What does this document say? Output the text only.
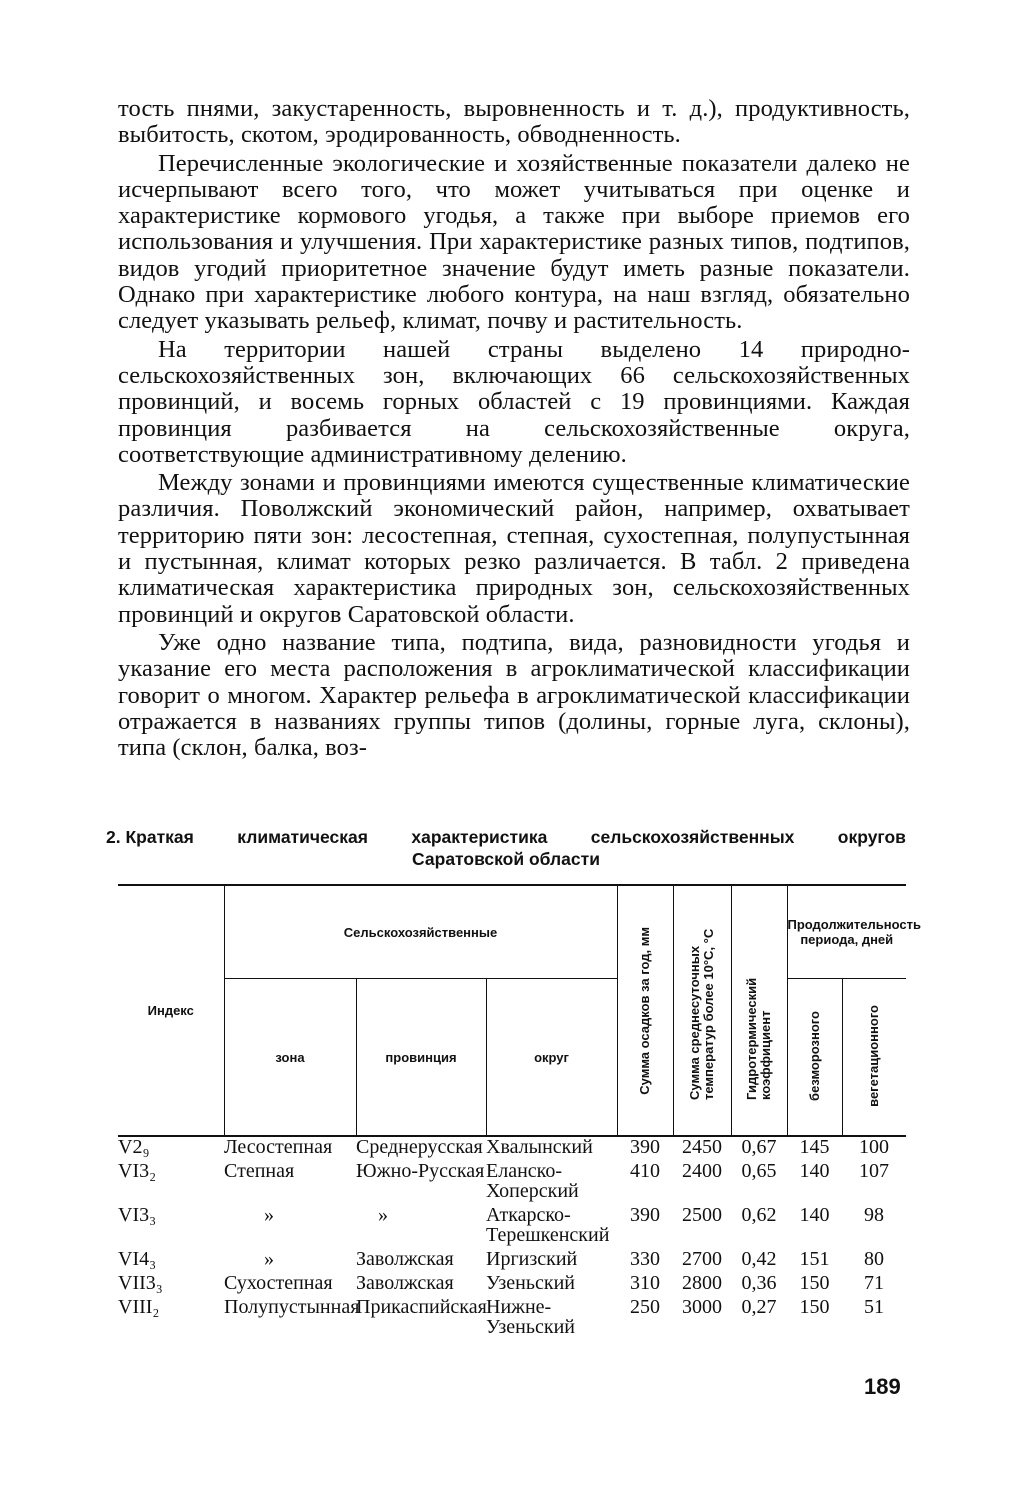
тость пнями, закустаренность, выровненность и т. д.), продуктивность, выбитость, скотом, эродированность, обводненность.

Перечисленные экологические и хозяйственные показатели далеко не исчерпывают всего того, что может учитываться при оценке и характеристике кормового угодья, а также при выборе приемов его использования и улучшения. При характеристике разных типов, подтипов, видов угодий приоритетное значение будут иметь разные показатели. Однако при характеристике любого контура, на наш взгляд, обязательно следует указывать рельеф, климат, почву и растительность.

На территории нашей страны выделено 14 природно-сельскохозяйственных зон, включающих 66 сельскохозяйственных провинций, и восемь горных областей с 19 провинциями. Каждая провинция разбивается на сельскохозяйственные округа, соответствующие административному делению.

Между зонами и провинциями имеются существенные климатические различия. Поволжский экономический район, например, охватывает территорию пяти зон: лесостепная, степная, сухостепная, полупустынная и пустынная, климат которых резко различается. В табл. 2 приведена климатическая характеристика природных зон, сельскохозяйственных провинций и округов Саратовской области.

Уже одно название типа, подтипа, вида, разновидности угодья и указание его места расположения в агроклиматической классификации говорит о многом. Характер рельефа в агроклиматической классификации отражается в названиях группы типов (долины, горные луга, склоны), типа (склон, балка, воз-

2. Краткая климатическая характеристика сельскохозяйственных округов
Саратовской области
Индекс	Сельскохозяйственные			Сумма осадков за год, мм	Сумма среднесуточных температур более 10°C, °C	Гидротермический коэффициент	Продолжительность периода, дней	
	зона	провинция	округ				безморозного	вегетационного
V2₉	Лесостепная	Среднерусская	Хвалынский	390	2450	0,67	145	100
VI3₂	Степная	Южно-Русская	Еланско-Хоперский	410	2400	0,65	140	107
VI3₃	»	»	Аткарско-Терешкенский	390	2500	0,62	140	98
VI4₃	»	Заволжская	Иргизский	330	2700	0,42	151	80
VII3₃	Сухостепная	Заволжская	Узеньский	310	2800	0,36	150	71
VIII₂	Полупустынная	Прикаспийская	Нижне-Узеньский	250	3000	0,27	150	51
189
